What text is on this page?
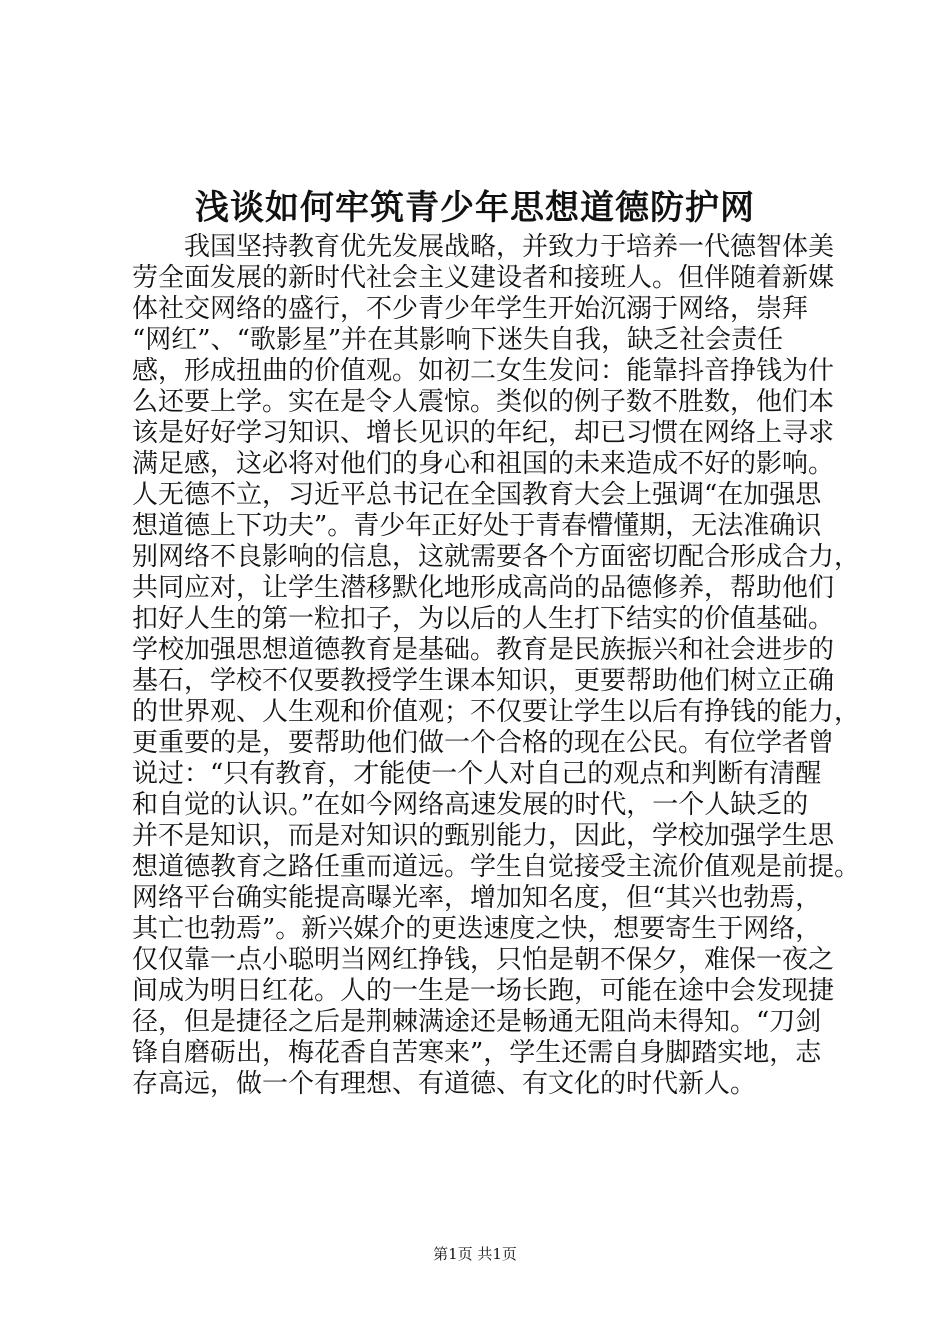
浅谈如何牢筑青少年思想道德防护网
我国坚持教育优先发展战略，并致力于培养一代德智体美
劳全面发展的新时代社会主义建设者和接班人。但伴随着新媒
体社交网络的盛行，不少青少年学生开始沉溺于网络，崇拜
“网红”、“歌影星”并在其影响下迷失自我，缺乏社会责任
感，形成扭曲的价值观。如初二女生发问：能靠抖音挣钱为什
么还要上学。实在是令人震惊。类似的例子数不胜数，他们本
该是好好学习知识、增长见识的年纪，却已习惯在网络上寻求
满足感，这必将对他们的身心和祖国的未来造成不好的影响。
人无德不立，习近平总书记在全国教育大会上强调“在加强思
想道德上下功夫”。青少年正好处于青春懵懂期，无法准确识
别网络不良影响的信息，这就需要各个方面密切配合形成合力，
共同应对，让学生潜移默化地形成高尚的品德修养，帮助他们
扣好人生的第一粒扣子，为以后的人生打下结实的价值基础。
学校加强思想道德教育是基础。教育是民族振兴和社会进步的
基石，学校不仅要教授学生课本知识，更要帮助他们树立正确
的世界观、人生观和价值观；不仅要让学生以后有挣钱的能力，
更重要的是，要帮助他们做一个合格的现在公民。有位学者曾
说过：“只有教育，才能使一个人对自己的观点和判断有清醒
和自觉的认识。”在如今网络高速发展的时代，一个人缺乏的
并不是知识，而是对知识的甄别能力，因此，学校加强学生思
想道德教育之路任重而道远。学生自觉接受主流价值观是前提。
网络平台确实能提高曝光率，增加知名度，但“其兴也勃焉，
其亡也勃焉”。新兴媒介的更迭速度之快，想要寄生于网络，
仅仅靠一点小聪明当网红挣钱，只怕是朝不保夕，难保一夜之
间成为明日红花。人的一生是一场长跑，可能在途中会发现捷
径，但是捷径之后是荆棘满途还是畅通无阻尚未得知。“刀剑
锋自磨砺出，梅花香自苦寒来”，学生还需自身脚踏实地，志
存高远，做一个有理想、有道德、有文化的时代新人。
第1页 共1页
